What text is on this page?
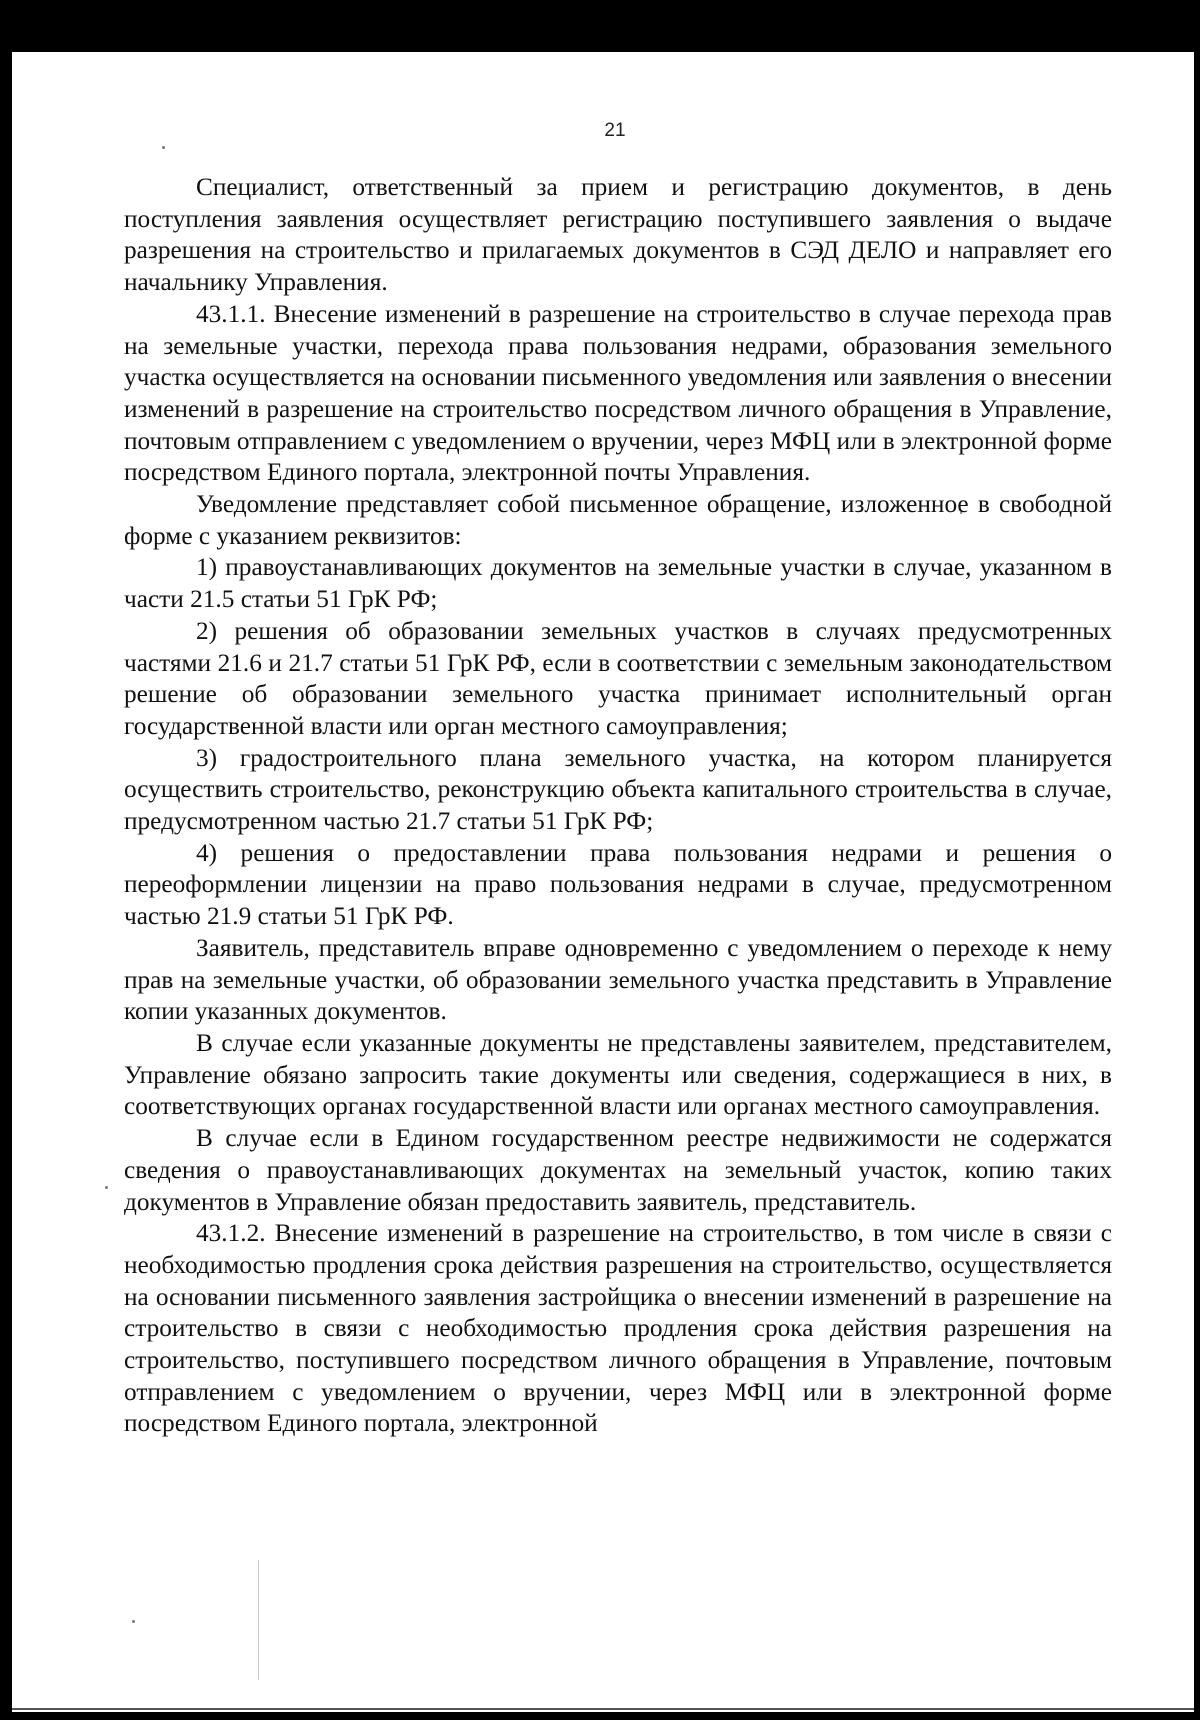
21

Специалист, ответственный за прием и регистрацию документов, в день поступления заявления осуществляет регистрацию поступившего заявления о выдаче разрешения на строительство и прилагаемых документов в СЭД ДЕЛО и направляет его начальнику Управления.

43.1.1. Внесение изменений в разрешение на строительство в случае перехода прав на земельные участки, перехода права пользования недрами, образования земельного участка осуществляется на основании письменного уведомления или заявления о внесении изменений в разрешение на строительство посредством личного обращения в Управление, почтовым отправлением с уведомлением о вручении, через МФЦ или в электронной форме посредством Единого портала, электронной почты Управления.

Уведомление представляет собой письменное обращение, изложенное в свободной форме с указанием реквизитов:

1) правоустанавливающих документов на земельные участки в случае, указанном в части 21.5 статьи 51 ГрК РФ;

2) решения об образовании земельных участков в случаях предусмотренных частями 21.6 и 21.7 статьи 51 ГрК РФ, если в соответствии с земельным законодательством решение об образовании земельного участка принимает исполнительный орган государственной власти или орган местного самоуправления;

3) градостроительного плана земельного участка, на котором планируется осуществить строительство, реконструкцию объекта капитального строительства в случае, предусмотренном частью 21.7 статьи 51 ГрК РФ;

4) решения о предоставлении права пользования недрами и решения о переоформлении лицензии на право пользования недрами в случае, предусмотренном частью 21.9 статьи 51 ГрК РФ.

Заявитель, представитель вправе одновременно с уведомлением о переходе к нему прав на земельные участки, об образовании земельного участка представить в Управление копии указанных документов.

В случае если указанные документы не представлены заявителем, представителем, Управление обязано запросить такие документы или сведения, содержащиеся в них, в соответствующих органах государственной власти или органах местного самоуправления.

В случае если в Едином государственном реестре недвижимости не содержатся сведения о правоустанавливающих документах на земельный участок, копию таких документов в Управление обязан предоставить заявитель, представитель.

43.1.2. Внесение изменений в разрешение на строительство, в том числе в связи с необходимостью продления срока действия разрешения на строительство, осуществляется на основании письменного заявления застройщика о внесении изменений в разрешение на строительство в связи с необходимостью продления срока действия разрешения на строительство, поступившего посредством личного обращения в Управление, почтовым отправлением с уведомлением о вручении, через МФЦ или в электронной форме посредством Единого портала, электронной
